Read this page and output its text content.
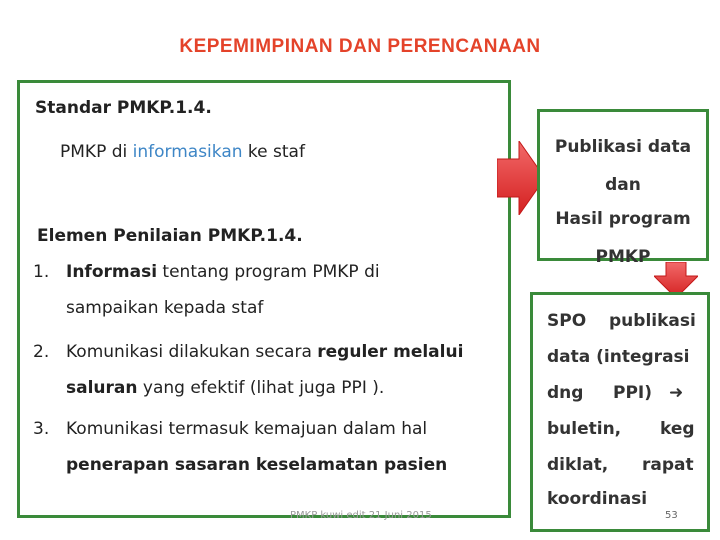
KEPEMIMPINAN DAN PERENCANAAN
Standar PMKP.1.4.
PMKP di informasikan ke staf
Elemen Penilaian PMKP.1.4.
1. Informasi tentang program PMKP di
sampaikan kepada staf
2. Komunikasi dilakukan secara reguler melalui
saluran yang efektif (lihat juga PPI ).
3. Komunikasi termasuk kemajuan dalam hal
penerapan sasaran keselamatan pasien
Publikasi data
dan
Hasil program
PMKP
SPO publikasi
data (integrasi
dng PPI) ➜
buletin, keg
diklat, rapat
koordinasi
PMKP kuwi edit 21 Juni 2015	53
